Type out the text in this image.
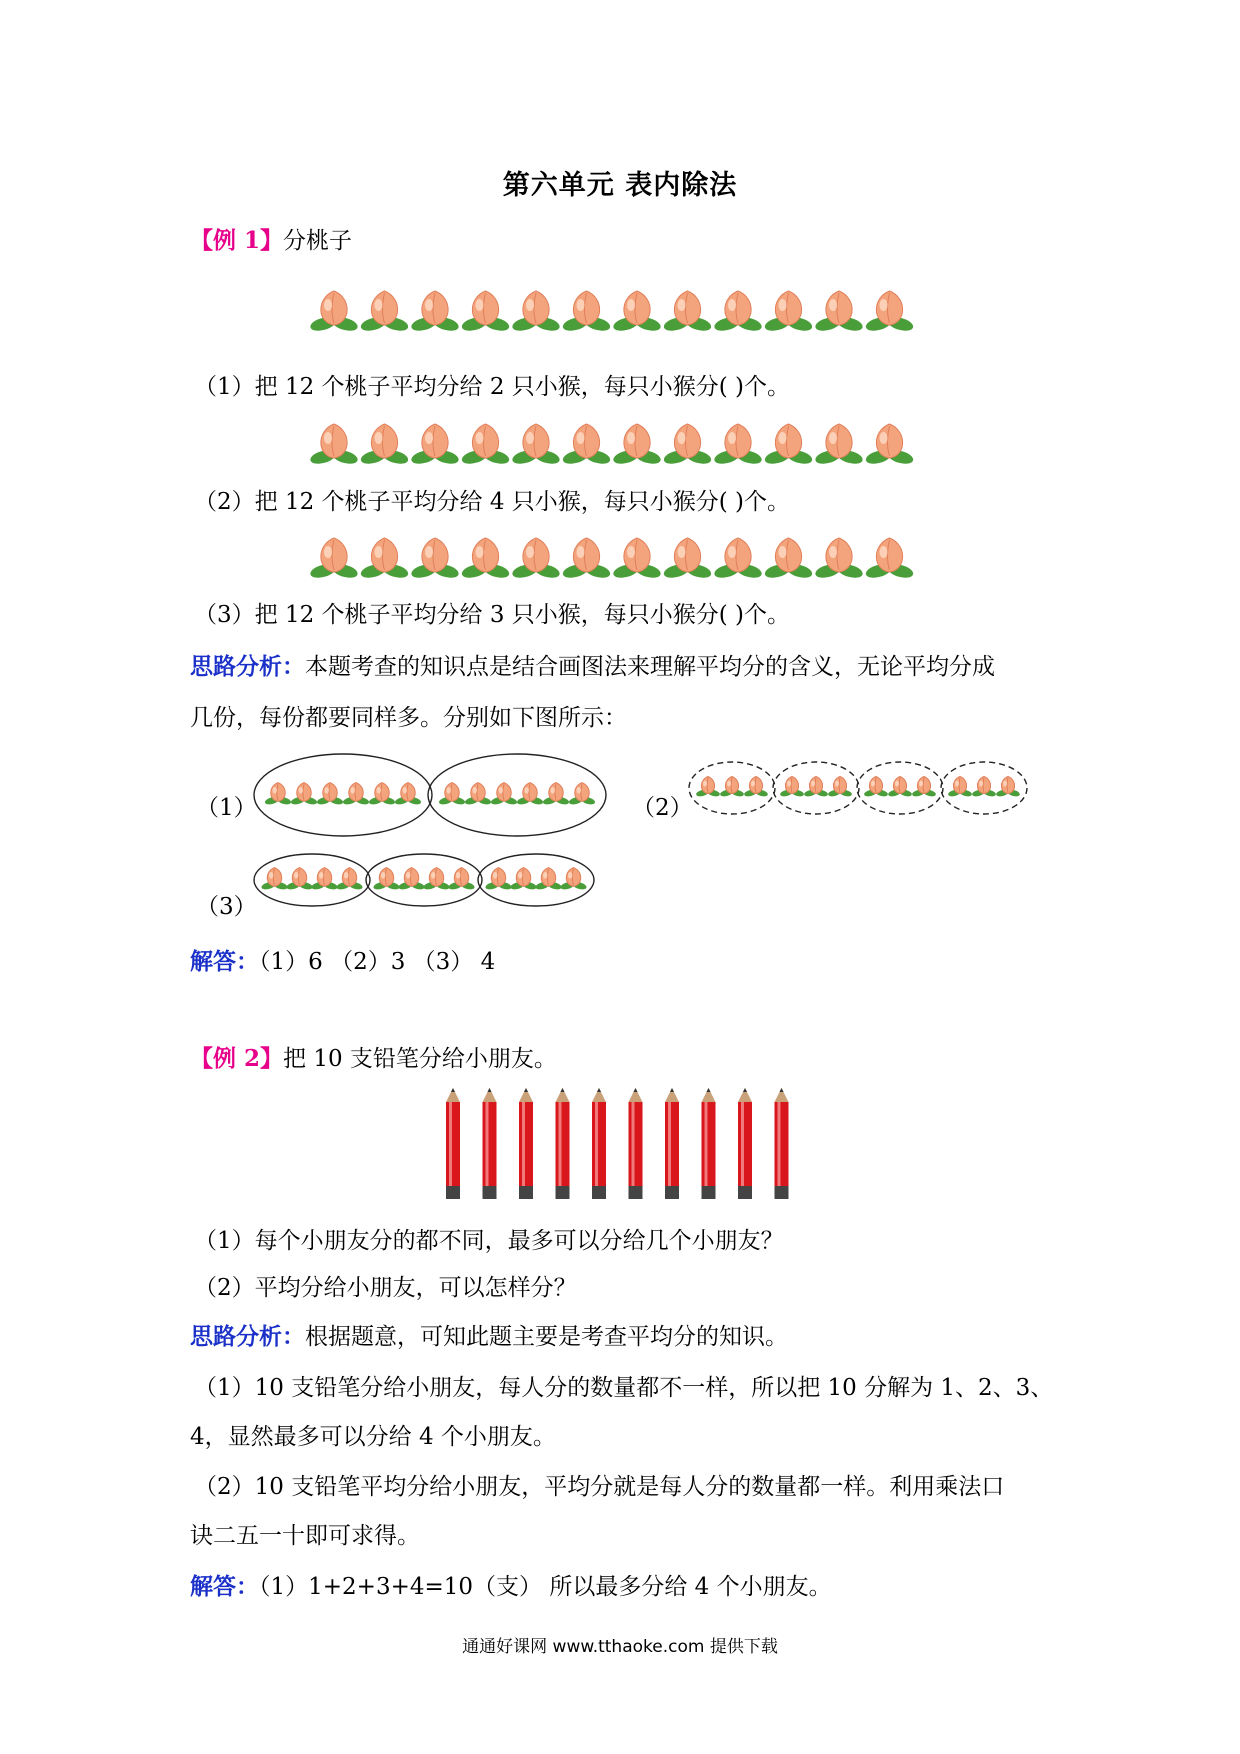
第六单元 表内除法
【例 1】分桃子
（1）把 12 个桃子平均分给 2 只小猴，每只小猴分( )个。
（2）把 12 个桃子平均分给 4 只小猴，每只小猴分( )个。
（3）把 12 个桃子平均分给 3 只小猴，每只小猴分( )个。
思路分析：本题考查的知识点是结合画图法来理解平均分的含义，无论平均分成
几份，每份都要同样多。分别如下图所示：
（1）	（2）
（3）
解答：（1）6 （2）3 （3） 4
【例 2】把 10 支铅笔分给小朋友。
（1）每个小朋友分的都不同，最多可以分给几个小朋友？
（2）平均分给小朋友，可以怎样分？
思路分析：根据题意，可知此题主要是考查平均分的知识。
（1）10 支铅笔分给小朋友，每人分的数量都不一样，所以把 10 分解为 1、2、3、
4，显然最多可以分给 4 个小朋友。
（2）10 支铅笔平均分给小朋友，平均分就是每人分的数量都一样。利用乘法口
诀二五一十即可求得。
解答：（1）1+2+3+4=10（支） 所以最多分给 4 个小朋友。
通通好课网 www.tthaoke.com 提供下载
